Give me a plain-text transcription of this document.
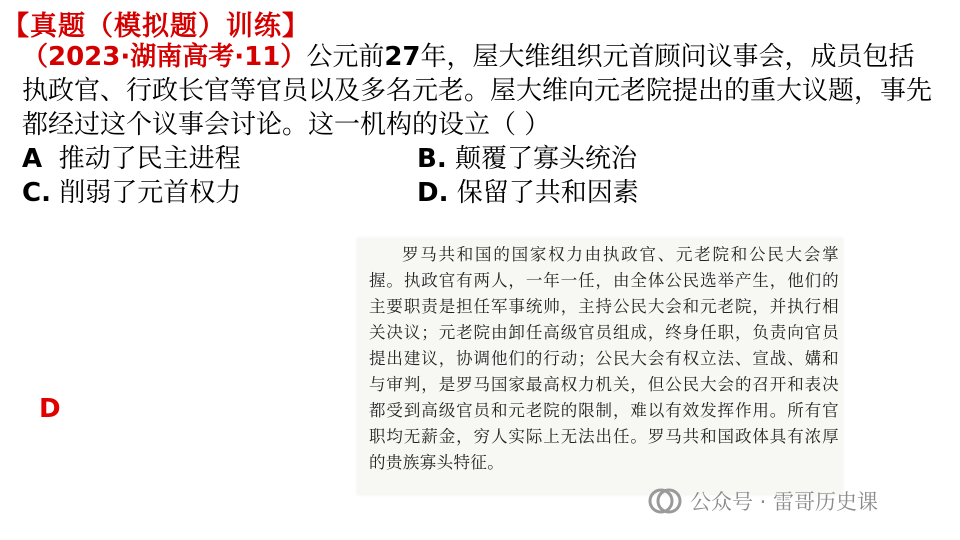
【真题（模拟题）训练】
（2023·湖南高考·11）公元前27年，屋大维组织元首顾问议事会，成员包括执政官、行政长官等官员以及多名元老。屋大维向元老院提出的重大议题，事先都经过这个议事会讨论。这一机构的设立（ ）
A 推动了民主进程	B. 颠覆了寡头统治
C. 削弱了元首权力	D. 保留了共和因素
D
罗马共和国的国家权力由执政官、元老院和公民大会掌握。执政官有两人，一年一任，由全体公民选举产生，他们的主要职责是担任军事统帅，主持公民大会和元老院，并执行相关决议；元老院由卸任高级官员组成，终身任职，负责向官员提出建议，协调他们的行动；公民大会有权立法、宣战、媾和与审判，是罗马国家最高权力机关，但公民大会的召开和表决都受到高级官员和元老院的限制，难以有效发挥作用。所有官职均无薪金，穷人实际上无法出任。罗马共和国政体具有浓厚的贵族寡头特征。
公众号 · 雷哥历史课
